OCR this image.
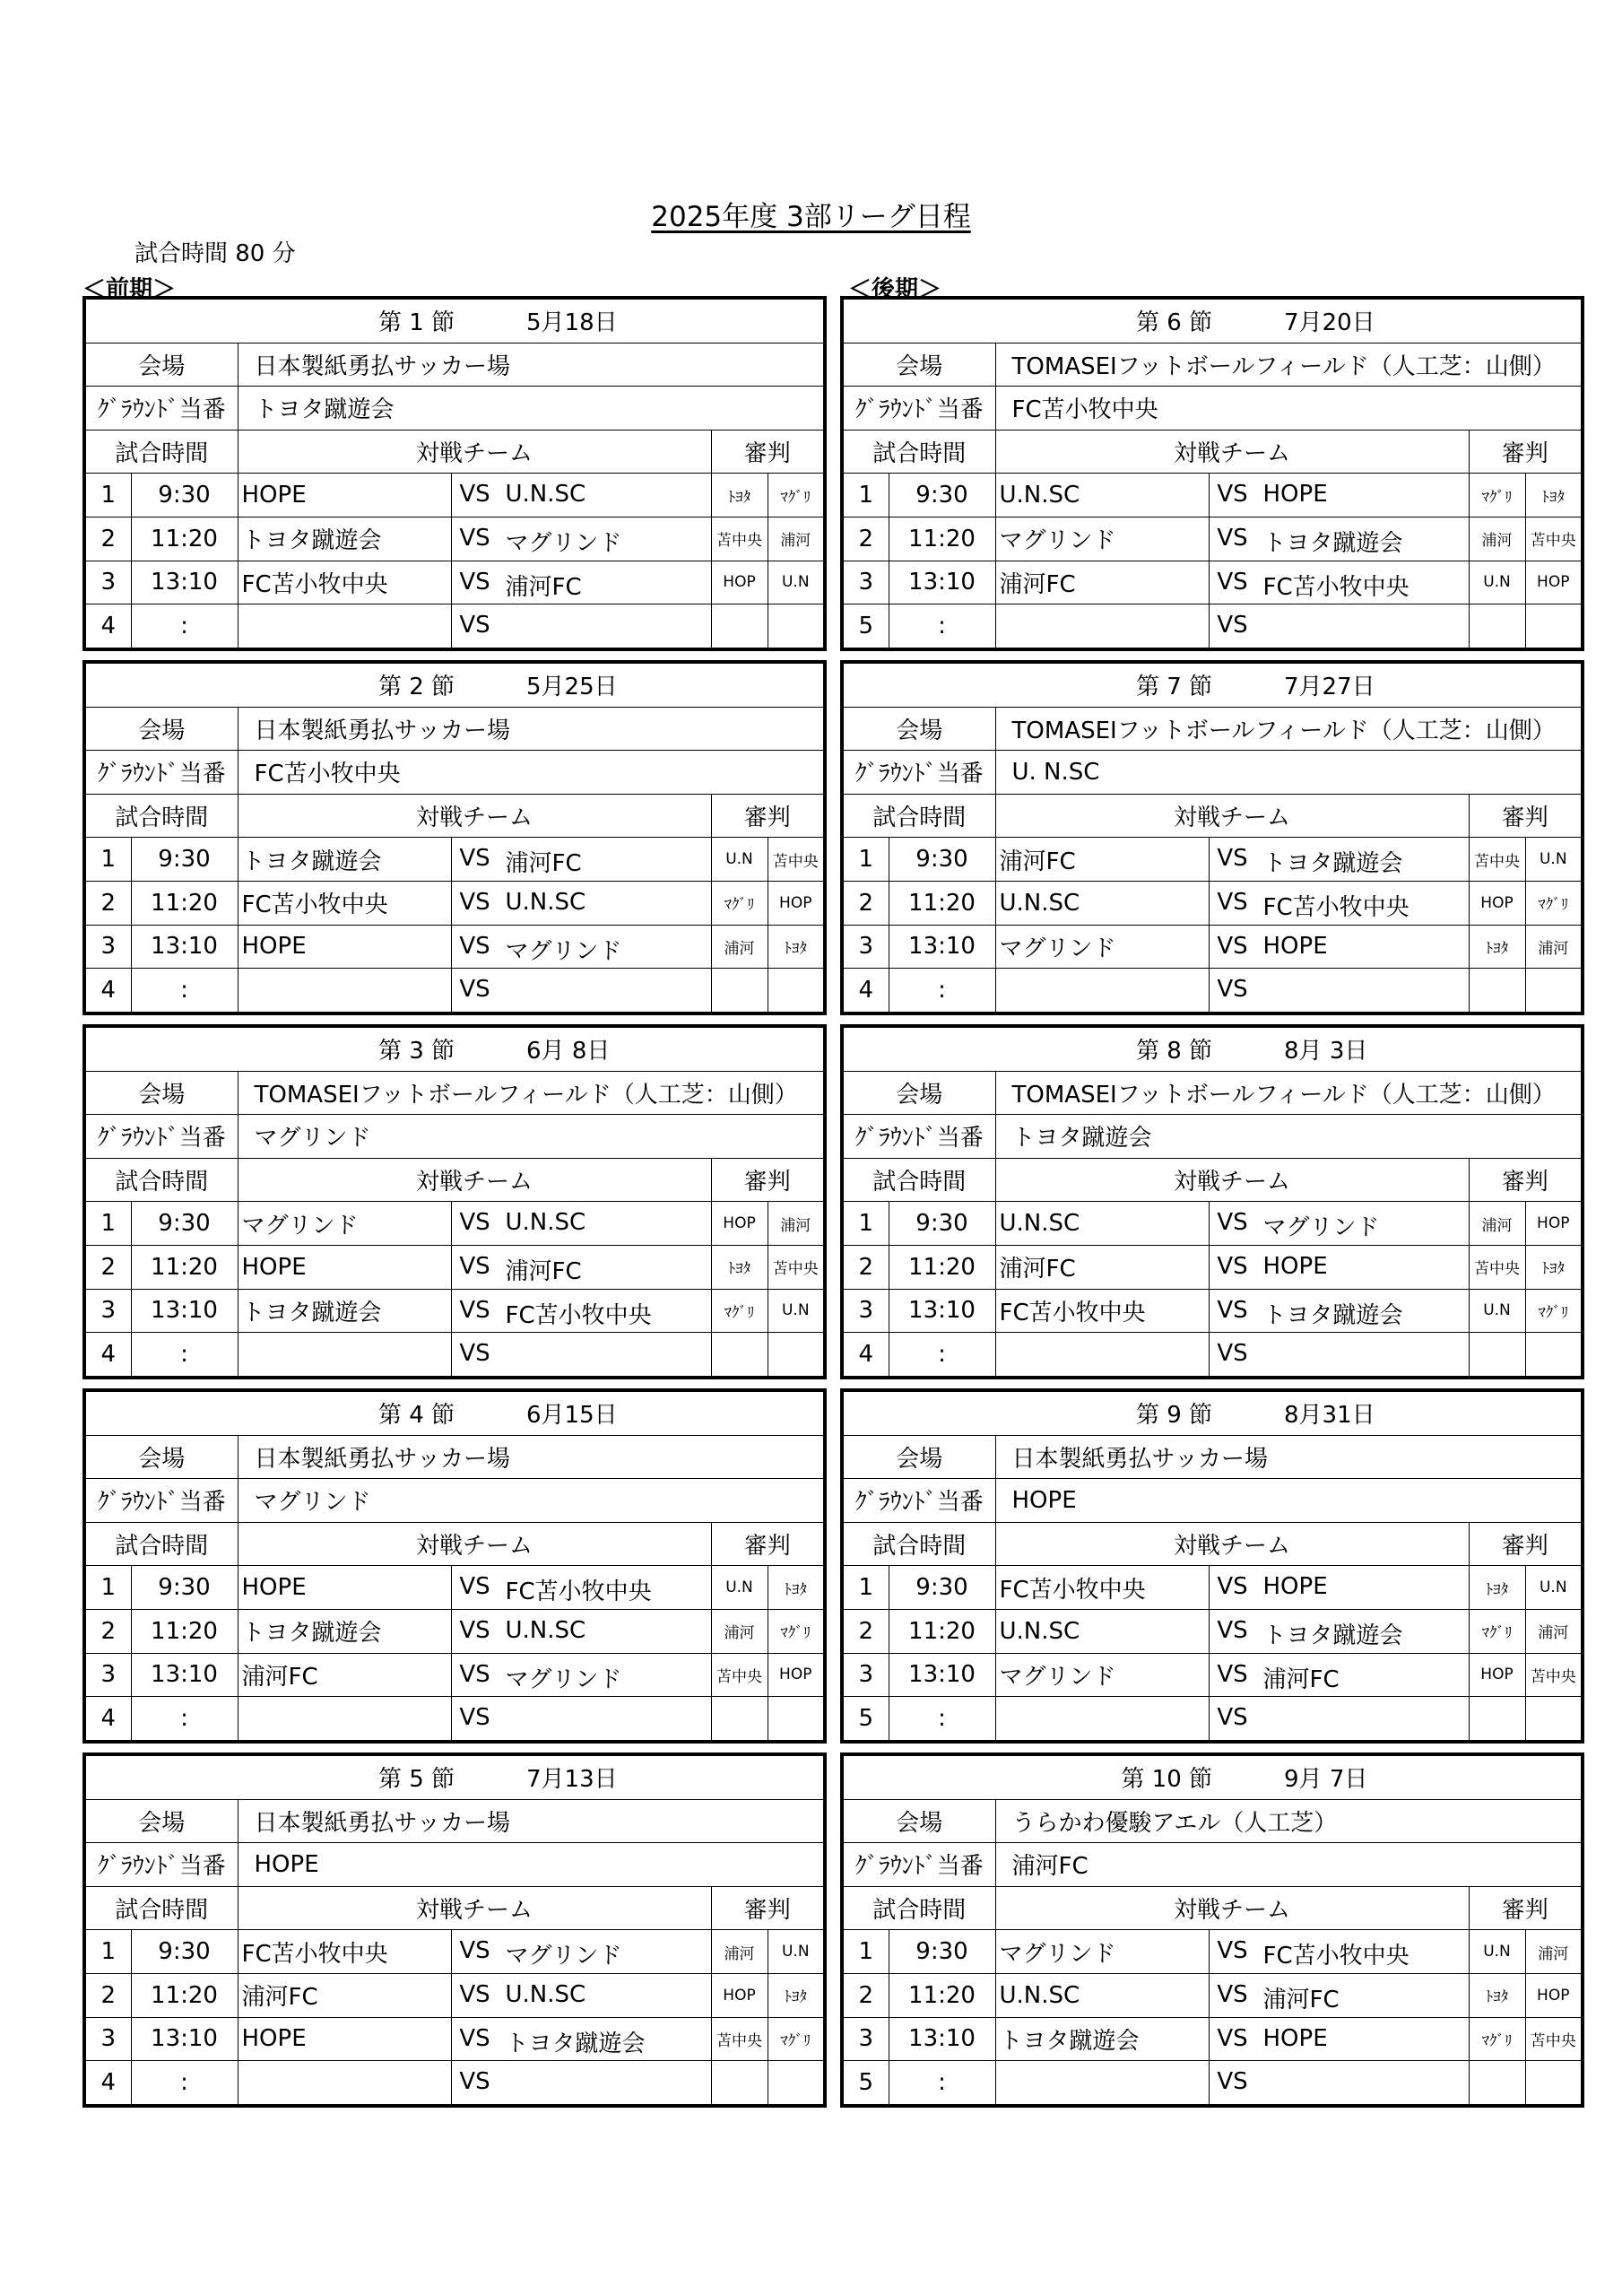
2025年度 3部リーグ日程
試合時間 80 分
＜前期＞	＜後期＞
第 1 節 5月18日					
会場		日本製紙勇払サッカー場			
ｸﾞﾗｳﾝﾄﾞ当番		トヨタ蹴遊会			
試合時間		対戦チーム		審判	
1	9:30	HOPE	VS U.N.SC	ﾄﾖﾀ	ﾏｸﾞﾘ
2	11:20	トヨタ蹴遊会	VS マグリンド	苫中央	浦河
3	13:10	FC苫小牧中央	VS 浦河FC	HOP	U.N
4	:		VS		

第 6 節 7月20日					
会場		TOMASEIフットボールフィールド（人工芝：山側）			
ｸﾞﾗｳﾝﾄﾞ当番		FC苫小牧中央			
試合時間		対戦チーム		審判	
1	9:30	U.N.SC	VS HOPE	ﾏｸﾞﾘ	ﾄﾖﾀ
2	11:20	マグリンド	VS トヨタ蹴遊会	浦河	苫中央
3	13:10	浦河FC	VS FC苫小牧中央	U.N	HOP
5	:		VS		

第 2 節 5月25日					
会場		日本製紙勇払サッカー場			
ｸﾞﾗｳﾝﾄﾞ当番		FC苫小牧中央			
試合時間		対戦チーム		審判	
1	9:30	トヨタ蹴遊会	VS 浦河FC	U.N	苫中央
2	11:20	FC苫小牧中央	VS U.N.SC	ﾏｸﾞﾘ	HOP
3	13:10	HOPE	VS マグリンド	浦河	ﾄﾖﾀ
4	:		VS		

第 7 節 7月27日					
会場		TOMASEIフットボールフィールド（人工芝：山側）			
ｸﾞﾗｳﾝﾄﾞ当番		U. N.SC			
試合時間		対戦チーム		審判	
1	9:30	浦河FC	VS トヨタ蹴遊会	苫中央	U.N
2	11:20	U.N.SC	VS FC苫小牧中央	HOP	ﾏｸﾞﾘ
3	13:10	マグリンド	VS HOPE	ﾄﾖﾀ	浦河
4	:		VS		

第 3 節 6月 8日					
会場		TOMASEIフットボールフィールド（人工芝：山側）			
ｸﾞﾗｳﾝﾄﾞ当番		マグリンド			
試合時間		対戦チーム		審判	
1	9:30	マグリンド	VS U.N.SC	HOP	浦河
2	11:20	HOPE	VS 浦河FC	ﾄﾖﾀ	苫中央
3	13:10	トヨタ蹴遊会	VS FC苫小牧中央	ﾏｸﾞﾘ	U.N
4	:		VS		

第 8 節 8月 3日					
会場		TOMASEIフットボールフィールド（人工芝：山側）			
ｸﾞﾗｳﾝﾄﾞ当番		トヨタ蹴遊会			
試合時間		対戦チーム		審判	
1	9:30	U.N.SC	VS マグリンド	浦河	HOP
2	11:20	浦河FC	VS HOPE	苫中央	ﾄﾖﾀ
3	13:10	FC苫小牧中央	VS トヨタ蹴遊会	U.N	ﾏｸﾞﾘ
4	:		VS		

第 4 節 6月15日					
会場		日本製紙勇払サッカー場			
ｸﾞﾗｳﾝﾄﾞ当番		マグリンド			
試合時間		対戦チーム		審判	
1	9:30	HOPE	VS FC苫小牧中央	U.N	ﾄﾖﾀ
2	11:20	トヨタ蹴遊会	VS U.N.SC	浦河	ﾏｸﾞﾘ
3	13:10	浦河FC	VS マグリンド	苫中央	HOP
4	:		VS		

第 9 節 8月31日					
会場		日本製紙勇払サッカー場			
ｸﾞﾗｳﾝﾄﾞ当番		HOPE			
試合時間		対戦チーム		審判	
1	9:30	FC苫小牧中央	VS HOPE	ﾄﾖﾀ	U.N
2	11:20	U.N.SC	VS トヨタ蹴遊会	ﾏｸﾞﾘ	浦河
3	13:10	マグリンド	VS 浦河FC	HOP	苫中央
5	:		VS		

第 5 節 7月13日					
会場		日本製紙勇払サッカー場			
ｸﾞﾗｳﾝﾄﾞ当番		HOPE			
試合時間		対戦チーム		審判	
1	9:30	FC苫小牧中央	VS マグリンド	浦河	U.N
2	11:20	浦河FC	VS U.N.SC	HOP	ﾄﾖﾀ
3	13:10	HOPE	VS トヨタ蹴遊会	苫中央	ﾏｸﾞﾘ
4	:		VS		

第 10 節 9月 7日					
会場		うらかわ優駿アエル（人工芝）			
ｸﾞﾗｳﾝﾄﾞ当番		浦河FC			
試合時間		対戦チーム		審判	
1	9:30	マグリンド	VS FC苫小牧中央	U.N	浦河
2	11:20	U.N.SC	VS 浦河FC	ﾄﾖﾀ	HOP
3	13:10	トヨタ蹴遊会	VS HOPE	ﾏｸﾞﾘ	苫中央
5	:		VS		
